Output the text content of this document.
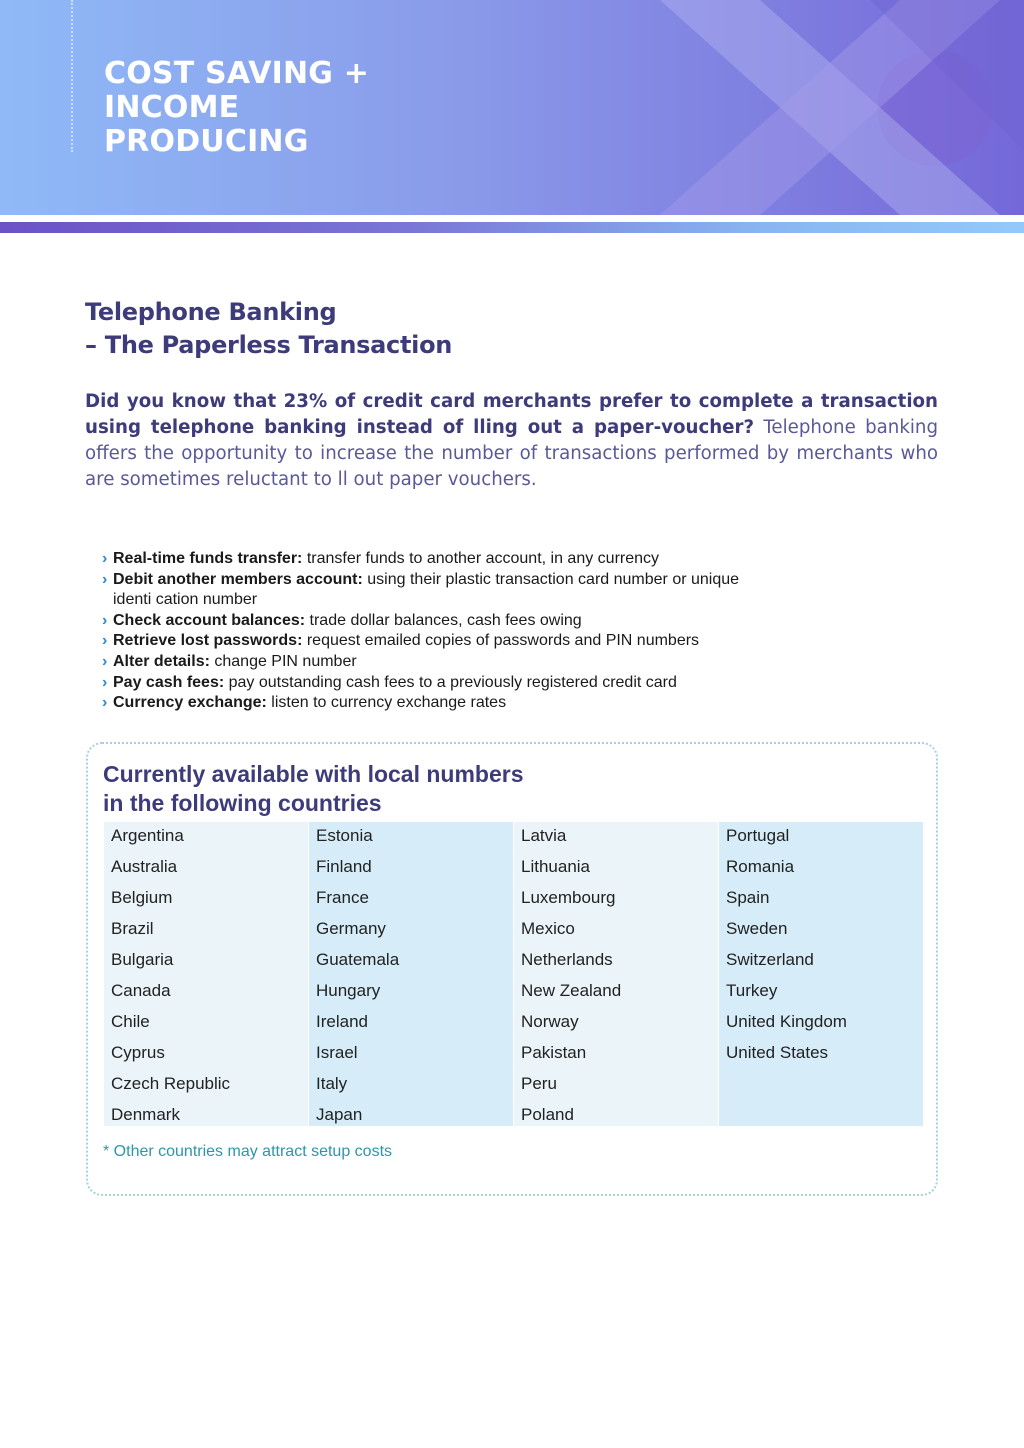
COST SAVING +
INCOME
PRODUCING
Telephone Banking
– The Paperless Transaction

Did you know that 23% of credit card merchants prefer to complete a transaction using telephone banking instead of lling out a paper-voucher? Telephone banking offers the opportunity to increase the number of transactions performed by merchants who are sometimes reluctant to ll out paper vouchers.

› Real-time funds transfer: transfer funds to another account, in any currency
› Debit another members account: using their plastic transaction card number or unique
identi cation number
› Check account balances: trade dollar balances, cash fees owing
› Retrieve lost passwords: request emailed copies of passwords and PIN numbers
› Alter details: change PIN number
› Pay cash fees: pay outstanding cash fees to a previously registered credit card
› Currency exchange: listen to currency exchange rates
Currently available with local numbers
in the following countries
Argentina
Australia
Belgium
Brazil
Bulgaria
Canada
Chile
Cyprus
Czech Republic
Denmark
Estonia
Finland
France
Germany
Guatemala
Hungary
Ireland
Israel
Italy
Japan
Latvia
Lithuania
Luxembourg
Mexico
Netherlands
New Zealand
Norway
Pakistan
Peru
Poland
Portugal
Romania
Spain
Sweden
Switzerland
Turkey
United Kingdom
United States

* Other countries may attract setup costs
